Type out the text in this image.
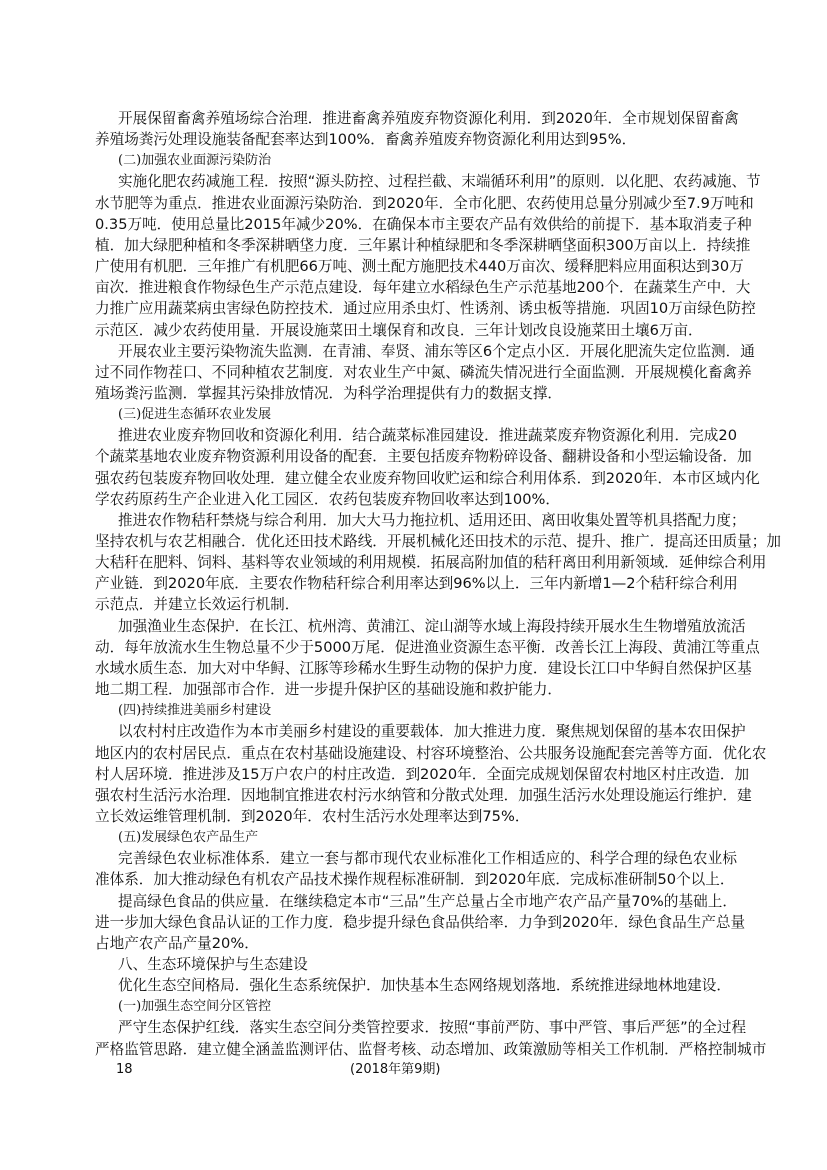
开展保留畜禽养殖场综合治理．推进畜禽养殖废弃物资源化利用．到2020年．全市规划保留畜禽
养殖场粪污处理设施装备配套率达到100%．畜禽养殖废弃物资源化利用达到95%．
(二)加强农业面源污染防治
实施化肥农药减施工程．按照“源头防控、过程拦截、末端循环利用”的原则．以化肥、农药减施、节
水节肥等为重点．推进农业面源污染防治．到2020年．全市化肥、农药使用总量分别减少至7.9万吨和
0.35万吨．使用总量比2015年减少20%．在确保本市主要农产品有效供给的前提下．基本取消麦子种
植．加大绿肥种植和冬季深耕晒垡力度．三年累计种植绿肥和冬季深耕晒垡面积300万亩以上．持续推
广使用有机肥．三年推广有机肥66万吨、测土配方施肥技术440万亩次、缓释肥料应用面积达到30万
亩次．推进粮食作物绿色生产示范点建设．每年建立水稻绿色生产示范基地200个．在蔬菜生产中．大
力推广应用蔬菜病虫害绿色防控技术．通过应用杀虫灯、性诱剂、诱虫板等措施．巩固10万亩绿色防控
示范区．减少农药使用量．开展设施菜田土壤保育和改良．三年计划改良设施菜田土壤6万亩．
开展农业主要污染物流失监测．在青浦、奉贤、浦东等区6个定点小区．开展化肥流失定位监测．通
过不同作物茬口、不同种植农艺制度．对农业生产中氮、磷流失情况进行全面监测．开展规模化畜禽养
殖场粪污监测．掌握其污染排放情况．为科学治理提供有力的数据支撑．
(三)促进生态循环农业发展
推进农业废弃物回收和资源化利用．结合蔬菜标准园建设．推进蔬菜废弃物资源化利用．完成20
个蔬菜基地农业废弃物资源利用设备的配套．主要包括废弃物粉碎设备、翻耕设备和小型运输设备．加
强农药包装废弃物回收处理．建立健全农业废弃物回收贮运和综合利用体系．到2020年．本市区域内化
学农药原药生产企业进入化工园区．农药包装废弃物回收率达到100%．
推进农作物秸秆禁烧与综合利用．加大大马力拖拉机、适用还田、离田收集处置等机具搭配力度；
坚持农机与农艺相融合．优化还田技术路线．开展机械化还田技术的示范、提升、推广．提高还田质量；加
大秸秆在肥料、饲料、基料等农业领域的利用规模．拓展高附加值的秸秆离田利用新领域．延伸综合利用
产业链．到2020年底．主要农作物秸秆综合利用率达到96%以上．三年内新增1—2个秸秆综合利用
示范点．并建立长效运行机制．
加强渔业生态保护．在长江、杭州湾、黄浦江、淀山湖等水域上海段持续开展水生生物增殖放流活
动．每年放流水生生物总量不少于5000万尾．促进渔业资源生态平衡．改善长江上海段、黄浦江等重点
水域水质生态．加大对中华鲟、江豚等珍稀水生野生动物的保护力度．建设长江口中华鲟自然保护区基
地二期工程．加强部市合作．进一步提升保护区的基础设施和救护能力．
(四)持续推进美丽乡村建设
以农村村庄改造作为本市美丽乡村建设的重要载体．加大推进力度．聚焦规划保留的基本农田保护
地区内的农村居民点．重点在农村基础设施建设、村容环境整治、公共服务设施配套完善等方面．优化农
村人居环境．推进涉及15万户农户的村庄改造．到2020年．全面完成规划保留农村地区村庄改造．加
强农村生活污水治理．因地制宜推进农村污水纳管和分散式处理．加强生活污水处理设施运行维护．建
立长效运维管理机制．到2020年．农村生活污水处理率达到75%．
(五)发展绿色农产品生产
完善绿色农业标准体系．建立一套与都市现代农业标准化工作相适应的、科学合理的绿色农业标
准体系．加大推动绿色有机农产品技术操作规程标准研制．到2020年底．完成标准研制50个以上．
提高绿色食品的供应量．在继续稳定本市“三品”生产总量占全市地产农产品产量70%的基础上．
进一步加大绿色食品认证的工作力度．稳步提升绿色食品供给率．力争到2020年．绿色食品生产总量
占地产农产品产量20%．
八、生态环境保护与生态建设
优化生态空间格局．强化生态系统保护．加快基本生态网络规划落地．系统推进绿地林地建设．
(一)加强生态空间分区管控
严守生态保护红线．落实生态空间分类管控要求．按照“事前严防、事中严管、事后严惩”的全过程
严格监管思路．建立健全涵盖监测评估、监督考核、动态增加、政策激励等相关工作机制．严格控制城市
18	(2018年第9期)
